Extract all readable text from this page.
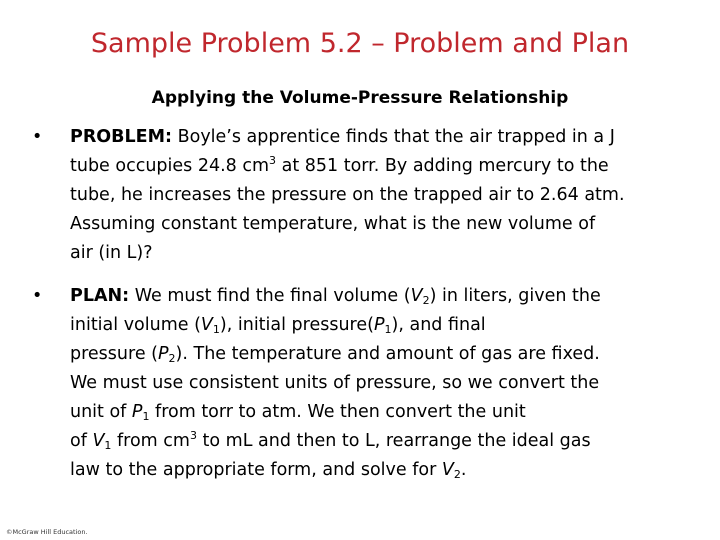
Sample Problem 5.2 – Problem and Plan
Applying the Volume-Pressure Relationship
•	PROBLEM: Boyle’s apprentice finds that the air trapped in a J
tube occupies 24.8 $cm^3$ at 851 torr. By adding mercury to the
tube, he increases the pressure on the trapped air to 2.64 atm.
Assuming constant temperature, what is the new volume of
air (in L)?
•	PLAN: We must find the final volume $(V_2)$ in liters, given the
initial volume $(V_1)$, initial $pressure(P_1)$, and final
pressure $(P_2)$. The temperature and amount of gas are fixed.
We must use consistent units of pressure, so we convert the
unit of $P_1$ from torr to atm. We then convert the unit
of $V_1$ from $cm^3$ to mL and then to L, rearrange the ideal gas
law to the appropriate form, and solve for $V_2$.
©McGraw Hill Education.
